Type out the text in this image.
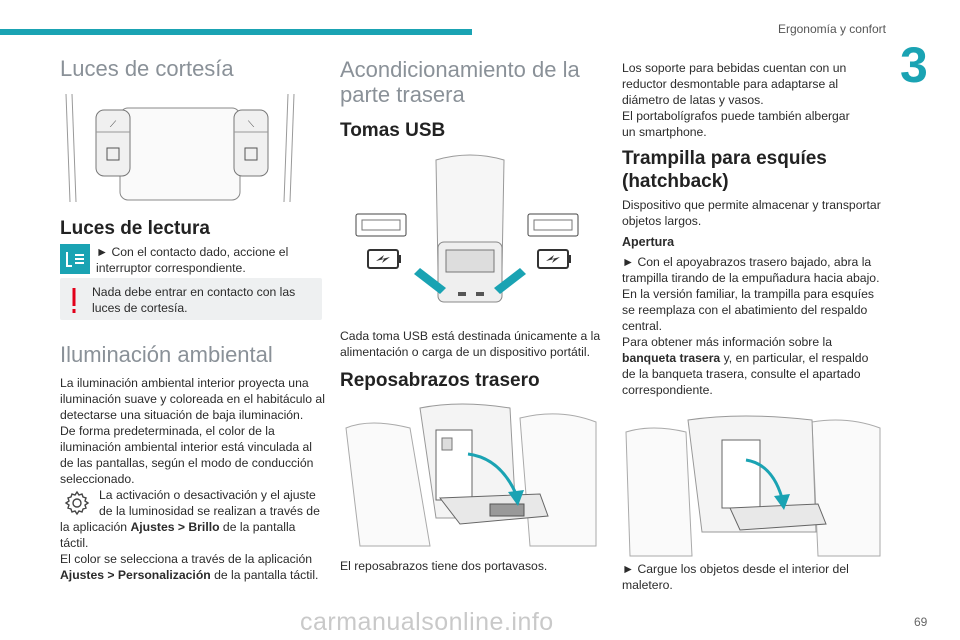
Ergonomía y confort
3
Luces de cortesía
⟋	⟍
Luces de lectura

► Con el contacto dado, accione el

interruptor correspondiente.

Nada debe entrar en contacto con las

luces de cortesía.

Iluminación ambiental

La iluminación ambiental interior proyecta una

iluminación suave y coloreada en el habitáculo al

detectarse una situación de baja iluminación.

De forma predeterminada, el color de la

iluminación ambiental interior está vinculada al

de las pantallas, según el modo de conducción

seleccionado.

La activación o desactivación y el ajuste

de la luminosidad se realizan a través de

la aplicación Ajustes > Brillo de la pantalla

táctil.

El color se selecciona a través de la aplicación

Ajustes > Personalización de la pantalla táctil.

Acondicionamiento de la
parte trasera
Tomas USB

Cada toma USB está destinada únicamente a la

alimentación o carga de un dispositivo portátil.

Reposabrazos trasero

El reposabrazos tiene dos portavasos.

Los soporte para bebidas cuentan con un

reductor desmontable para adaptarse al

diámetro de latas y vasos.

El portabolígrafos puede también albergar

un smartphone.

Trampilla para esquíes
(hatchback)

Dispositivo que permite almacenar y transportar

objetos largos.

Apertura

► Con el apoyabrazos trasero bajado, abra la

trampilla tirando de la empuñadura hacia abajo.

En la versión familiar, la trampilla para esquíes

se reemplaza con el abatimiento del respaldo

central.

Para obtener más información sobre la

banqueta trasera y, en particular, el respaldo

de la banqueta trasera, consulte el apartado

correspondiente.

► Cargue los objetos desde el interior del

maletero.

carmanualsonline.info	69
